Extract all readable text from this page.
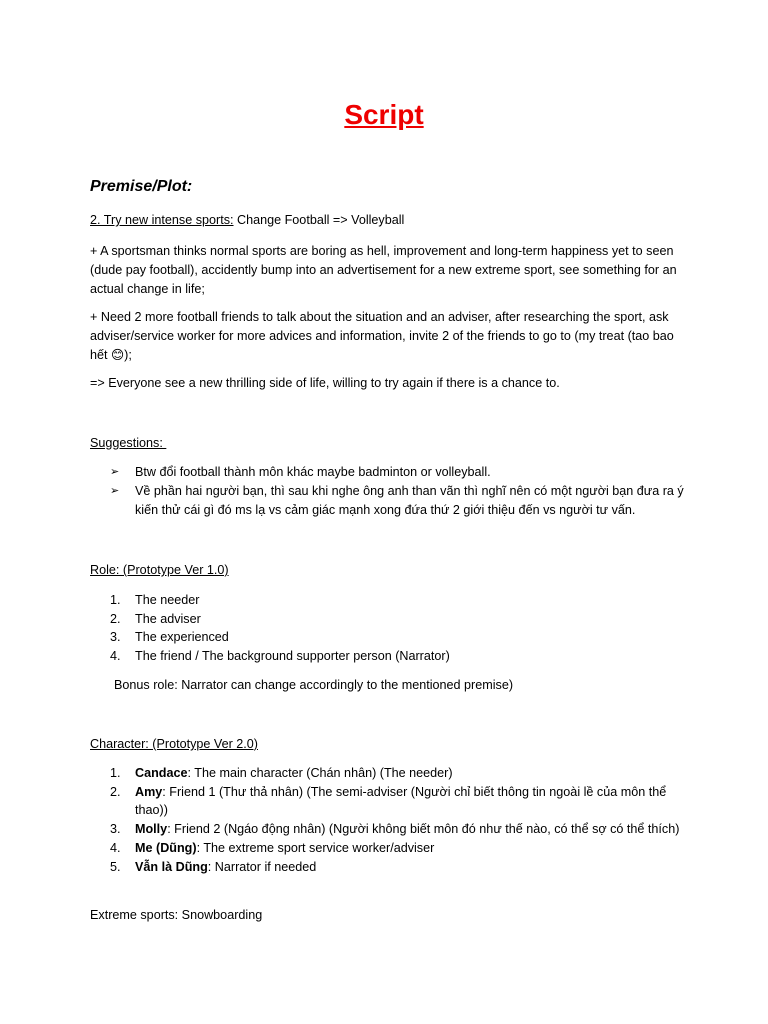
Script
Premise/Plot:

2. Try new intense sports: Change Football => Volleyball

+ A sportsman thinks normal sports are boring as hell, improvement and long-term happiness yet to seen (dude pay football), accidently bump into an advertisement for a new extreme sport, see something for an actual change in life;

+ Need 2 more football friends to talk about the situation and an adviser, after researching the sport, ask adviser/service worker for more advices and information, invite 2 of the friends to go to (my treat (tao bao hết 😊);

=> Everyone see a new thrilling side of life, willing to try again if there is a chance to.

Suggestions:

➢ Btw đổi football thành môn khác maybe badminton or volleyball.
➢ Về phần hai người bạn, thì sau khi nghe ông anh than vãn thì nghĩ nên có một người bạn đưa ra ý kiến thử cái gì đó ms lạ vs cảm giác mạnh xong đứa thứ 2 giới thiệu đến vs người tư vấn.

Role: (Prototype Ver 1.0)

1. The needer
2. The adviser
3. The experienced
4. The friend / The background supporter person (Narrator)

Bonus role: Narrator can change accordingly to the mentioned premise)

Character: (Prototype Ver 2.0)

1. Candace: The main character (Chán nhân) (The needer)
2. Amy: Friend 1 (Thư thả nhân) (The semi-adviser (Người chỉ biết thông tin ngoài lề của môn thể thao))
3. Molly: Friend 2 (Ngáo động nhân) (Người không biết môn đó như thế nào, có thể sợ có thể thích)
4. Me (Dũng): The extreme sport service worker/adviser
5. Vẫn là Dũng: Narrator if needed

Extreme sports: Snowboarding
